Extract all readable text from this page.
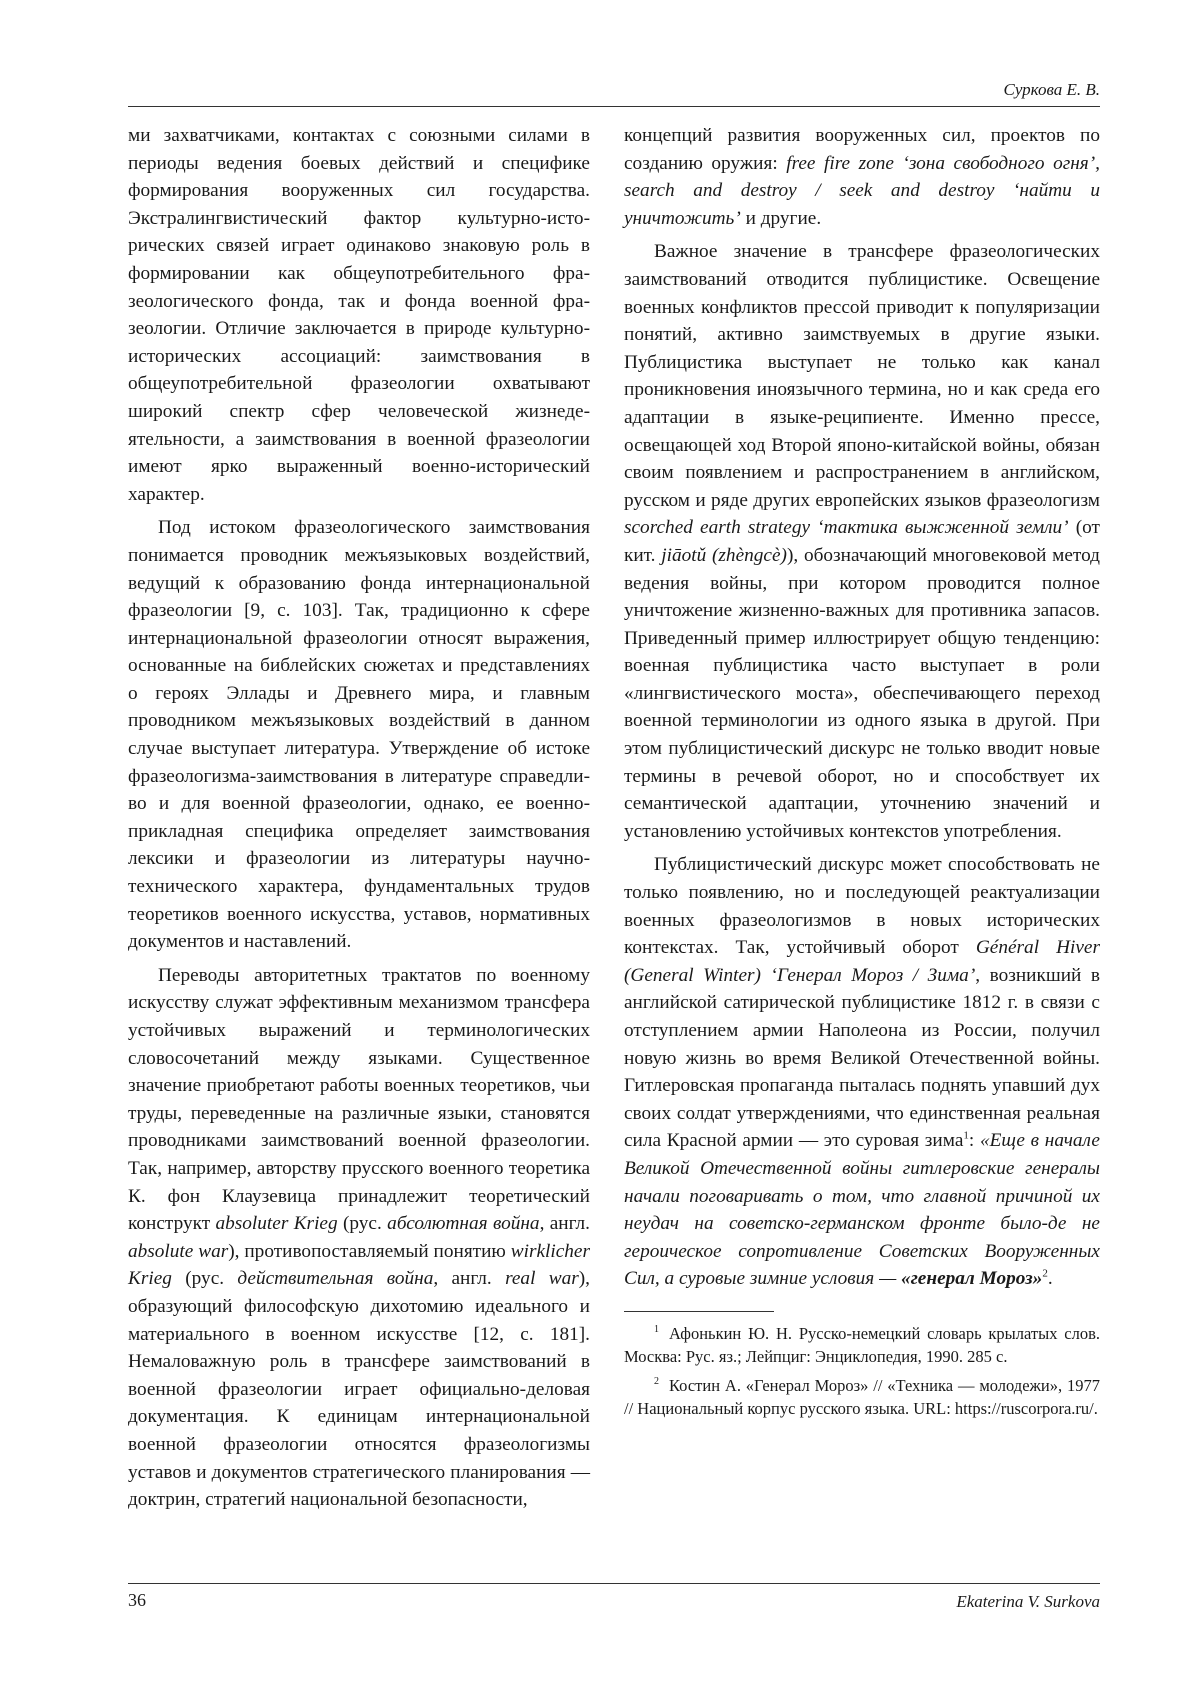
Суркова Е. В.

ми захватчиками, контактах с союзными силами в периоды ведения боевых действий и специфике формирования вооруженных сил государства. Экстралингвистический фактор культурно-исторических связей играет одинаково знаковую роль в формировании как общеупотребительного фразеологического фонда, так и фонда военной фразеологии. Отличие заключается в природе культурно-исторических ассоциаций: заимствования в общеупотребительной фразеологии охватывают широкий спектр сфер человеческой жизнедеятельности, а заимствования в военной фразеологии имеют ярко выраженный военно-исторический характер.

Под истоком фразеологического заимствования понимается проводник межъязыковых воздействий, ведущий к образованию фонда интернациональной фразеологии [9, с. 103]. Так, традиционно к сфере интернациональной фразеологии относят выражения, основанные на библейских сюжетах и представлениях о героях Эллады и Древнего мира, и главным проводником межъязыковых воздействий в данном случае выступает литература. Утверждение об истоке фразеологизма-заимствования в литературе справедливо и для военной фразеологии, однако, ее военно-прикладная специфика определяет заимствования лексики и фразеологии из литературы научно-технического характера, фундаментальных трудов теоретиков военного искусства, уставов, нормативных документов и наставлений.

Переводы авторитетных трактатов по военному искусству служат эффективным механизмом трансфера устойчивых выражений и терминологических словосочетаний между языками. Существенное значение приобретают работы военных теоретиков, чьи труды, переведенные на различные языки, становятся проводниками заимствований военной фразеологии. Так, например, авторству прусского военного теоретика К. фон Клаузевица принадлежит теоретический конструкт absoluter Krieg (рус. абсолютная война, англ. absolute war), противопоставляемый понятию wirklicher Krieg (рус. действительная война, англ. real war), образующий философскую дихотомию идеального и материального в военном искусстве [12, с. 181]. Немаловажную роль в трансфере заимствований в военной фразеологии играет официально-деловая документация. К единицам интернациональной военной фразеологии относятся фразеологизмы уставов и документов стратегического планирования — доктрин, стратегий национальной безопасности,

концепций развития вооруженных сил, проектов по созданию оружия: free fire zone ‘зона свободного огня’, search and destroy / seek and destroy ‘найти и уничтожить’ и другие.

Важное значение в трансфере фразеологических заимствований отводится публицистике. Освещение военных конфликтов прессой приводит к популяризации понятий, активно заимствуемых в другие языки. Публицистика выступает не только как канал проникновения иноязычного термина, но и как среда его адаптации в языке-реципиенте. Именно прессе, освещающей ход Второй японо-китайской войны, обязан своим появлением и распространением в английском, русском и ряде других европейских языков фразеологизм scorched earth strategy ‘тактика выжженной земли’ (от кит. jiāotǔ (zhèngcè)), обозначающий многовековой метод ведения войны, при котором проводится полное уничтожение жизненно-важных для противника запасов. Приведенный пример иллюстрирует общую тенденцию: военная публицистика часто выступает в роли «лингвистического моста», обеспечивающего переход военной терминологии из одного языка в другой. При этом публицистический дискурс не только вводит новые термины в речевой оборот, но и способствует их семантической адаптации, уточнению значений и установлению устойчивых контекстов употребления.

Публицистический дискурс может способствовать не только появлению, но и последующей реактуализации военных фразеологизмов в новых исторических контекстах. Так, устойчивый оборот Général Hiver (General Winter) ‘Генерал Мороз / Зима’, возникший в английской сатирической публицистике 1812 г. в связи с отступлением армии Наполеона из России, получил новую жизнь во время Великой Отечественной войны. Гитлеровская пропаганда пыталась поднять упавший дух своих солдат утверждениями, что единственная реальная сила Красной армии — это суровая зима$^1$: «Еще в начале Великой Отечественной войны гитлеровские генералы начали поговаривать о том, что главной причиной их неудач на советско-германском фронте было-де не героическое сопротивление Советских Вооруженных Сил, а суровые зимние условия — «генерал Мороз»$^2$.

$^1$ Афонькин Ю. Н. Русско-немецкий словарь крылатых слов. Москва: Рус. яз.; Лейпциг: Энциклопедия, 1990. 285 с.

$^2$ Костин А. «Генерал Мороз» // «Техника — молодежи», 1977 // Национальный корпус русского языка. URL: https://ruscorpora.ru/.

36	Ekaterina V. Surkova
